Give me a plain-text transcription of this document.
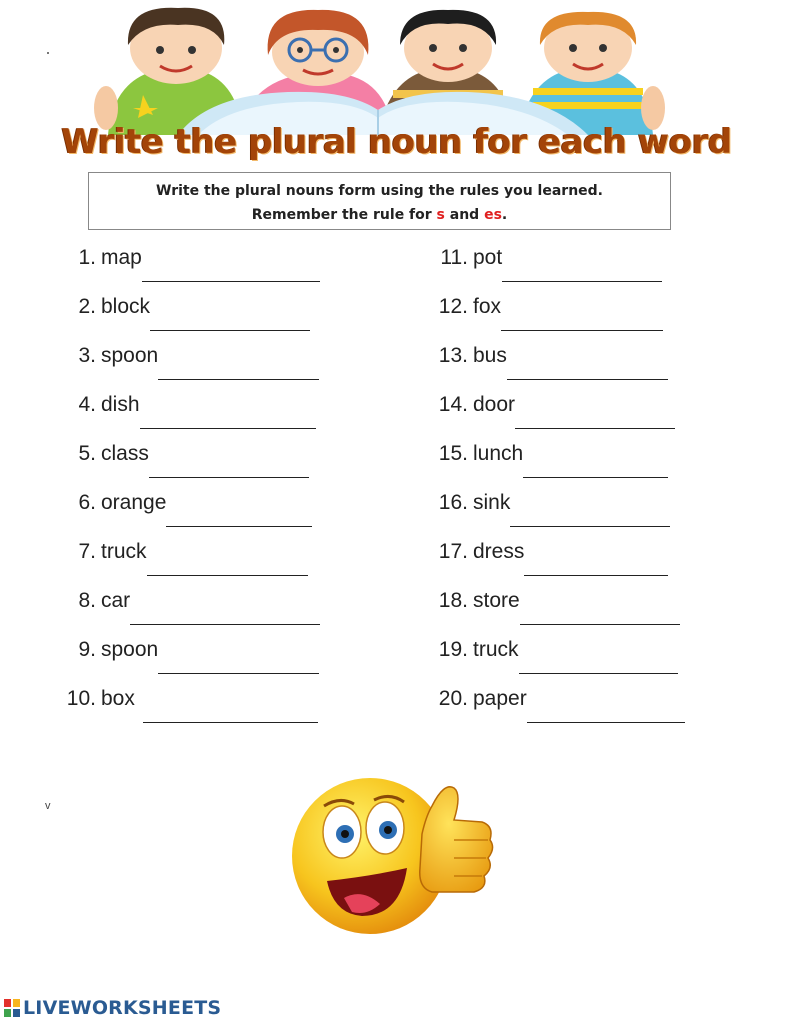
Write the plural noun for each word
Write the plural nouns form using the rules you learned.
Remember the rule for s and es.
1. map
2. block
3. spoon
4. dish
5. class
6. orange
7. truck
8. car
9. spoon
10. box
11. pot
12. fox
13. bus
14. door
15. lunch
16. sink
17. dress
18. store
19. truck
20. paper
v
LIVEWORKSHEETS
